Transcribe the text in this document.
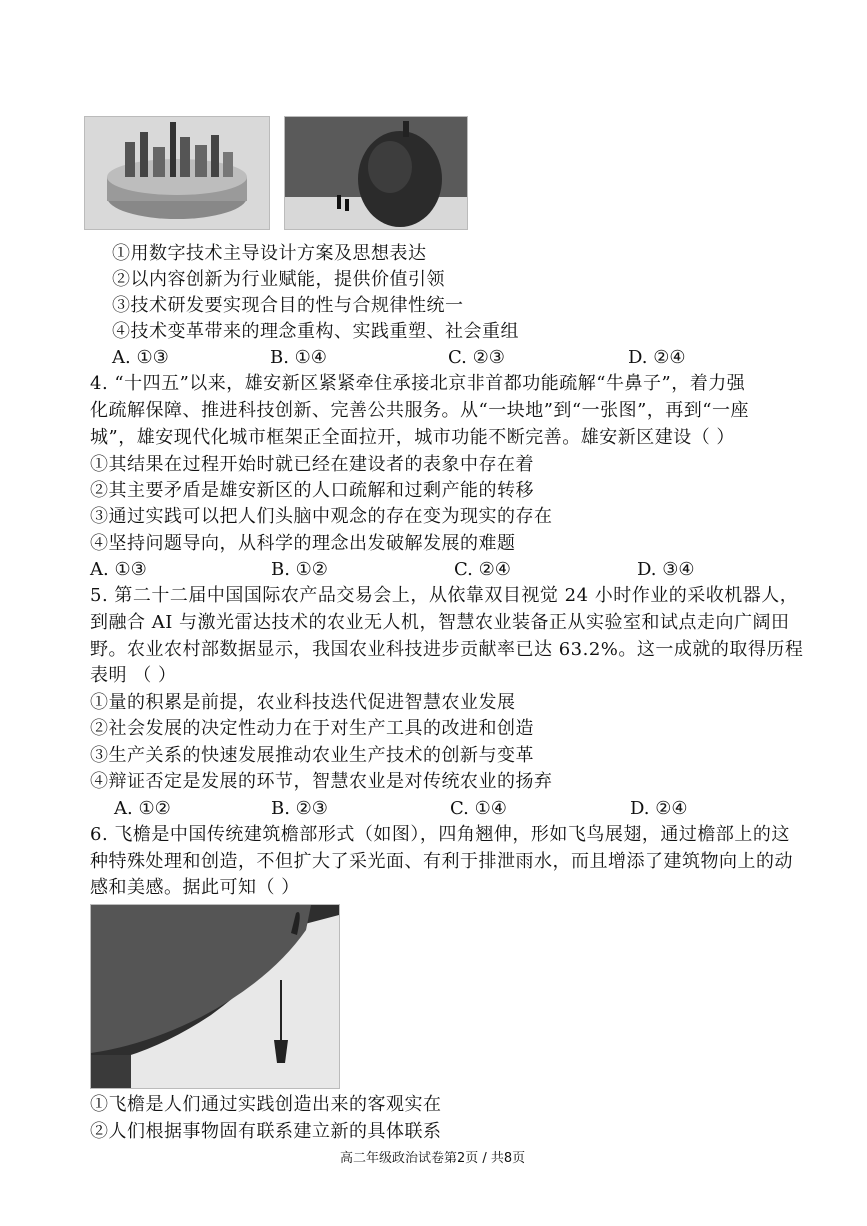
①用数字技术主导设计方案及思想表达
②以内容创新为行业赋能，提供价值引领
③技术研发要实现合目的性与合规律性统一
④技术变革带来的理念重构、实践重塑、社会重组
A. ①③	B. ①④	C. ②③	D. ②④
4. “十四五”以来，雄安新区紧紧牵住承接北京非首都功能疏解“牛鼻子”，着力强
化疏解保障、推进科技创新、完善公共服务。从“一块地”到“一张图”，再到“一座
城”，雄安现代化城市框架正全面拉开，城市功能不断完善。雄安新区建设（ ）
①其结果在过程开始时就已经在建设者的表象中存在着
②其主要矛盾是雄安新区的人口疏解和过剩产能的转移
③通过实践可以把人们头脑中观念的存在变为现实的存在
④坚持问题导向，从科学的理念出发破解发展的难题
A. ①③	B. ①②	C. ②④	D. ③④
5. 第二十二届中国国际农产品交易会上，从依靠双目视觉 24 小时作业的采收机器人，
到融合 AI 与激光雷达技术的农业无人机，智慧农业装备正从实验室和试点走向广阔田
野。农业农村部数据显示，我国农业科技进步贡献率已达 63.2%。这一成就的取得历程
表明 （ ）
①量的积累是前提，农业科技迭代促进智慧农业发展
②社会发展的决定性动力在于对生产工具的改进和创造
③生产关系的快速发展推动农业生产技术的创新与变革
④辩证否定是发展的环节，智慧农业是对传统农业的扬弃
A. ①②	B. ②③	C. ①④	D. ②④
6. 飞檐是中国传统建筑檐部形式（如图），四角翘伸，形如飞鸟展翅，通过檐部上的这
种特殊处理和创造，不但扩大了采光面、有利于排泄雨水，而且增添了建筑物向上的动
感和美感。据此可知（ ）
①飞檐是人们通过实践创造出来的客观实在
②人们根据事物固有联系建立新的具体联系
高二年级政治试卷第2页 / 共8页
